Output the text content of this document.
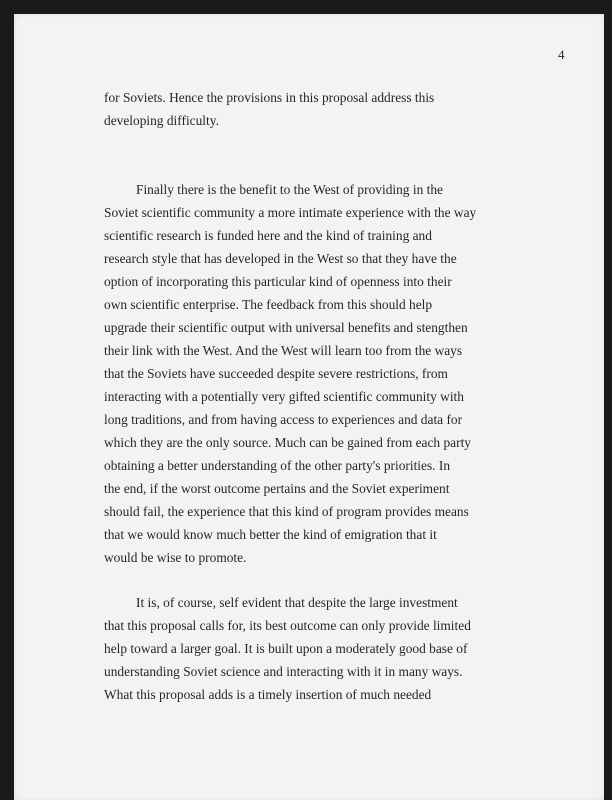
4
for Soviets. Hence the provisions in this proposal address this
developing difficulty.
Finally there is the benefit to the West of providing in the
Soviet scientific community a more intimate experience with the way
scientific research is funded here and the kind of training and
research style that has developed in the West so that they have the
option of incorporating this particular kind of openness into their
own scientific enterprise. The feedback from this should help
upgrade their scientific output with universal benefits and stengthen
their link with the West. And the West will learn too from the ways
that the Soviets have succeeded despite severe restrictions, from
interacting with a potentially very gifted scientific community with
long traditions, and from having access to experiences and data for
which they are the only source. Much can be gained from each party
obtaining a better understanding of the other party's priorities. In
the end, if the worst outcome pertains and the Soviet experiment
should fail, the experience that this kind of program provides means
that we would know much better the kind of emigration that it
would be wise to promote.
It is, of course, self evident that despite the large investment
that this proposal calls for, its best outcome can only provide limited
help toward a larger goal. It is built upon a moderately good base of
understanding Soviet science and interacting with it in many ways.
What this proposal adds is a timely insertion of much needed
